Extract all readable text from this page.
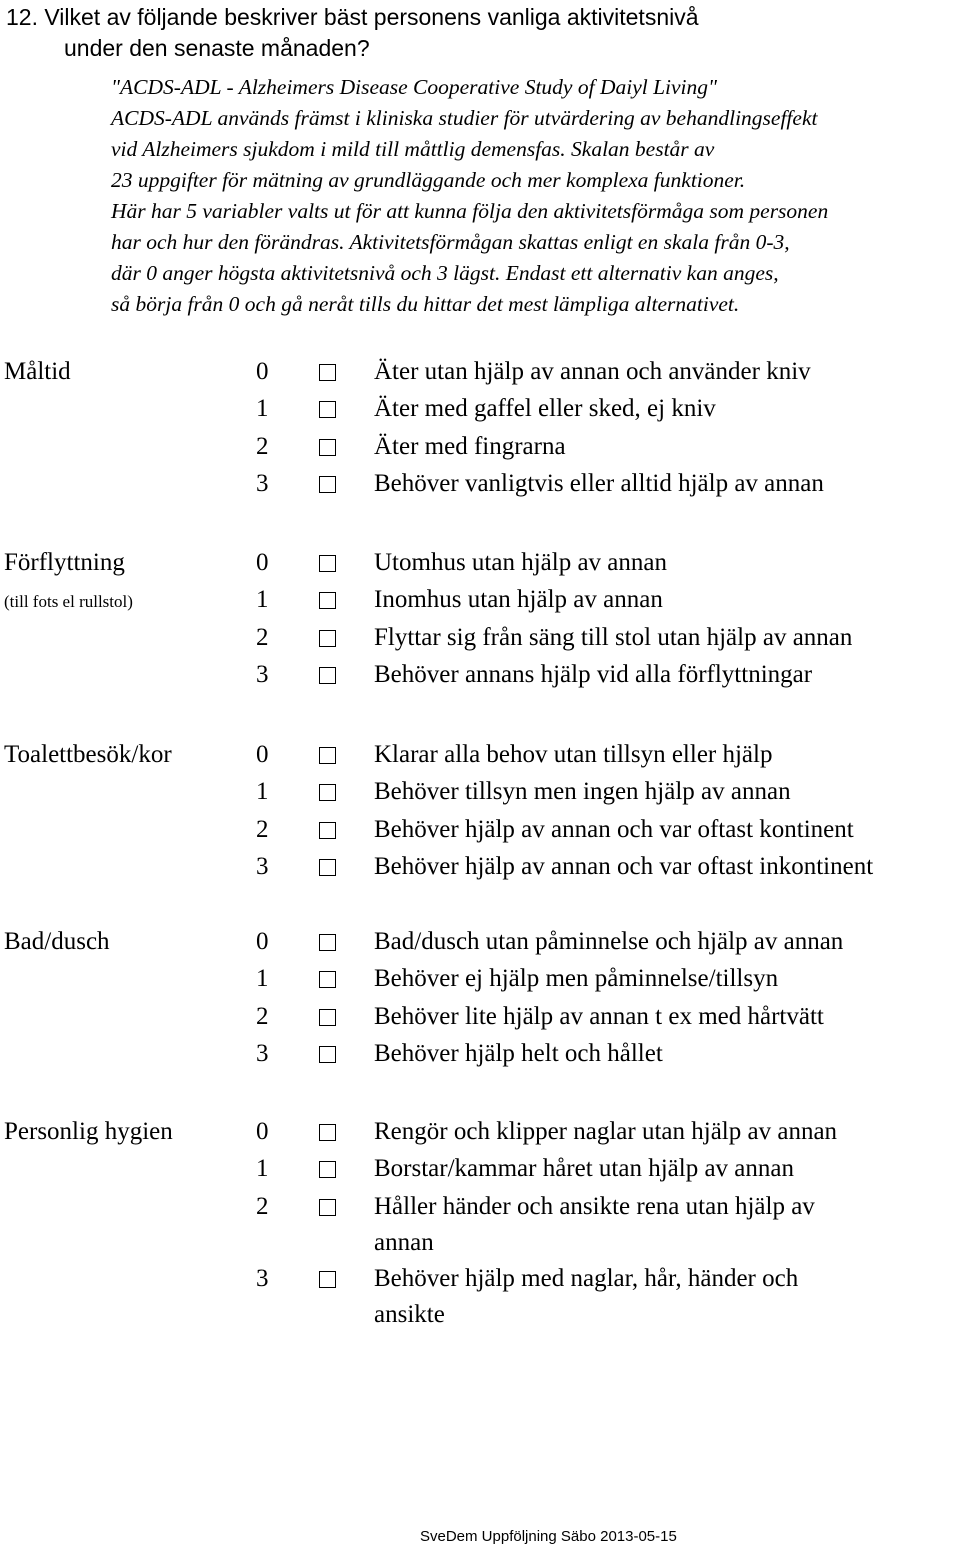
12. Vilket av följande beskriver bäst personens vanliga aktivitetsnivå
under den senaste månaden?
"ACDS-ADL - Alzheimers Disease Cooperative Study of Daiyl Living"
ACDS-ADL används främst i kliniska studier för utvärdering av behandlingseffekt
vid Alzheimers sjukdom i mild till måttlig demensfas. Skalan består av
23 uppgifter för mätning av grundläggande och mer komplexa funktioner.
Här har 5 variabler valts ut för att kunna följa den aktivitetsförmåga som personen
har och hur den förändras. Aktivitetsförmågan skattas enligt en skala från 0-3,
där 0 anger högsta aktivitetsnivå och 3 lägst. Endast ett alternativ kan anges,
så börja från 0 och gå neråt tills du hittar det mest lämpliga alternativet.
Måltid	0	Äter utan hjälp av annan och använder kniv
1	Äter med gaffel eller sked, ej kniv
2	Äter med fingrarna
3	Behöver vanligtvis eller alltid hjälp av annan
Förflyttning
(till fots el rullstol)
0	Utomhus utan hjälp av annan
1	Inomhus utan hjälp av annan
2	Flyttar sig från säng till stol utan hjälp av annan
3	Behöver annans hjälp vid alla förflyttningar
Toalettbesök/kor	0	Klarar alla behov utan tillsyn eller hjälp
1	Behöver tillsyn men ingen hjälp av annan
2	Behöver hjälp av annan och var oftast kontinent
3	Behöver hjälp av annan och var oftast inkontinent
Bad/dusch	0	Bad/dusch utan påminnelse och hjälp av annan
1	Behöver ej hjälp men påminnelse/tillsyn
2	Behöver lite hjälp av annan t ex med hårtvätt
3	Behöver hjälp helt och hållet
Personlig hygien	0	Rengör och klipper naglar utan hjälp av annan
1	Borstar/kammar håret utan hjälp av annan
2	Håller händer och ansikte rena utan hjälp av
annan
3	Behöver hjälp med naglar, hår, händer och
ansikte
SveDem Uppföljning Säbo 2013-05-15
